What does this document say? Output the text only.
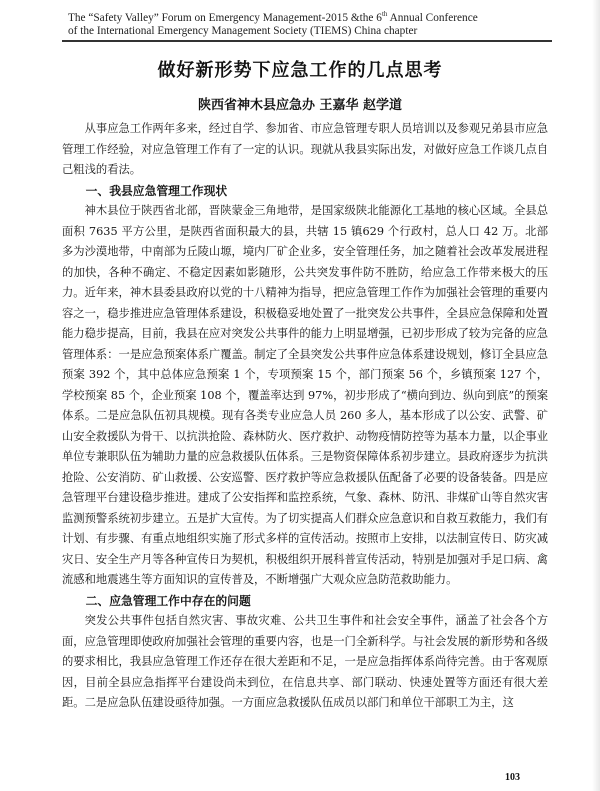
The “Safety Valley” Forum on Emergency Management-2015 &the 6th Annual Conference
of the International Emergency Management Society (TIEMS) China chapter
做好新形势下应急工作的几点思考
陕西省神木县应急办 王嘉华 赵学道

从事应急工作两年多来，经过自学、参加省、市应急管理专职人员培训以及参观兄弟县市应急管理工作经验，对应急管理工作有了一定的认识。现就从我县实际出发，对做好应急工作谈几点自己粗浅的看法。

一、我县应急管理工作现状

神木县位于陕西省北部，晋陕蒙金三角地带，是国家级陕北能源化工基地的核心区域。全县总面积 7635 平方公里，是陕西省面积最大的县，共辖 15 镇629 个行政村，总人口 42 万。北部多为沙漠地带，中南部为丘陵山塬，境内厂矿企业多，安全管理任务，加之随着社会改革发展进程的加快，各种不确定、不稳定因素如影随形，公共突发事件防不胜防，给应急工作带来极大的压力。近年来，神木县委县政府以党的十八精神为指导，把应急管理工作作为加强社会管理的重要内容之一，稳步推进应急管理体系建设，积极稳妥地处置了一批突发公共事件，全县应急保障和处置能力稳步提高，目前，我县在应对突发公共事件的能力上明显增强，已初步形成了较为完备的应急管理体系：一是应急预案体系广覆盖。制定了全县突发公共事件应急体系建设规划，修订全县应急预案 392 个，其中总体应急预案 1 个，专项预案 15 个，部门预案 56 个，乡镇预案 127 个，学校预案 85 个，企业预案 108 个，覆盖率达到 97%，初步形成了“横向到边、纵向到底”的预案体系。二是应急队伍初具规模。现有各类专业应急人员 260 多人，基本形成了以公安、武警、矿山安全救援队为骨干、以抗洪抢险、森林防火、医疗救护、动物疫情防控等为基本力量，以企事业单位专兼职队伍为辅助力量的应急救援队伍体系。三是物资保障体系初步建立。县政府逐步为抗洪抢险、公安消防、矿山救援、公安巡警、医疗救护等应急救援队伍配备了必要的设备装备。四是应急管理平台建设稳步推进。建成了公安指挥和监控系统，气象、森林、防汛、非煤矿山等自然灾害监测预警系统初步建立。五是扩大宣传。为了切实提高人们群众应急意识和自救互救能力，我们有计划、有步骤、有重点地组织实施了形式多样的宣传活动。按照市上安排，以法制宣传日、防灾减灾日、安全生产月等各种宣传日为契机，积极组织开展科普宣传活动，特别是加强对手足口病、禽流感和地震逃生等方面知识的宣传普及，不断增强广大观众应急防范救助能力。

二、应急管理工作中存在的问题

突发公共事件包括自然灾害、事故灾难、公共卫生事件和社会安全事件，涵盖了社会各个方面，应急管理即使政府加强社会管理的重要内容，也是一门全新科学。与社会发展的新形势和各级的要求相比，我县应急管理工作还存在很大差距和不足，一是应急指挥体系尚待完善。由于客观原因，目前全县应急指挥平台建设尚未到位，在信息共享、部门联动、快速处置等方面还有很大差距。二是应急队伍建设亟待加强。一方面应急救援队伍成员以部门和单位干部职工为主，这

103
